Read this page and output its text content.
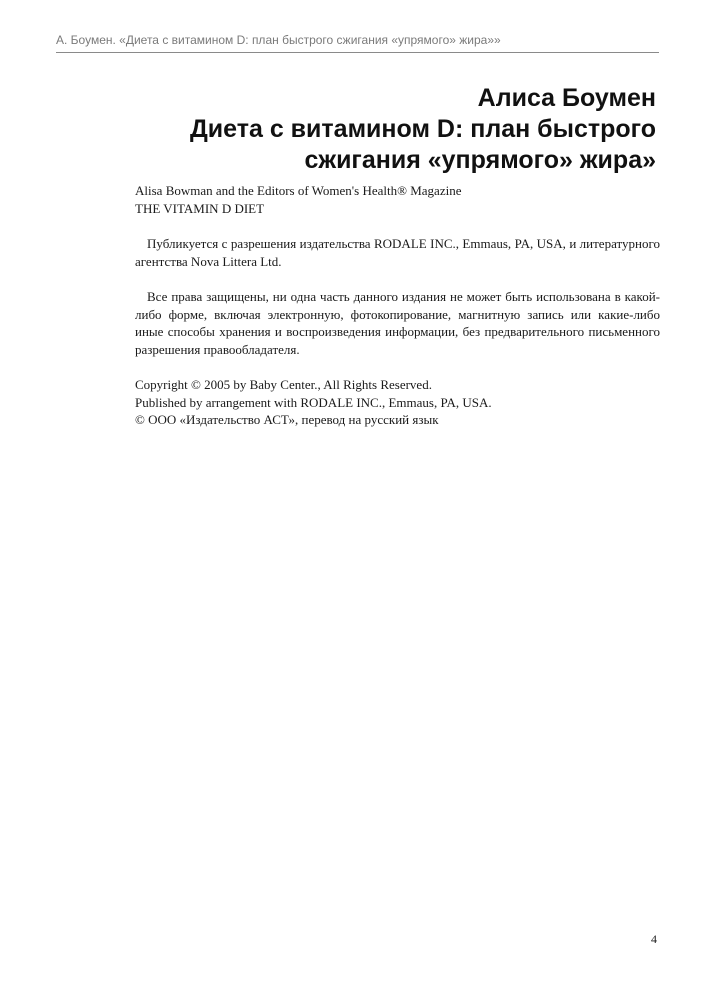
А. Боумен. «Диета с витамином D: план быстрого сжигания «упрямого» жира»»
Алиса Боумен
Диета с витамином D: план быстрого
сжигания «упрямого» жира»

Alisa Bowman and the Editors of Women's Health® Magazine

THE VITAMIN D DIET

Публикуется с разрешения издательства RODALE INC., Emmaus, PA, USA, и литературного агентства Nova Littera Ltd.

Все права защищены, ни одна часть данного издания не может быть использована в какой-либо форме, включая электронную, фотокопирование, магнитную запись или какие-либо иные способы хранения и воспроизведения информации, без предварительного письменного разрешения правообладателя.

Copyright © 2005 by Baby Center., All Rights Reserved.

Published by arrangement with RODALE INC., Emmaus, PA, USA.

© ООО «Издательство АСТ», перевод на русский язык

4
